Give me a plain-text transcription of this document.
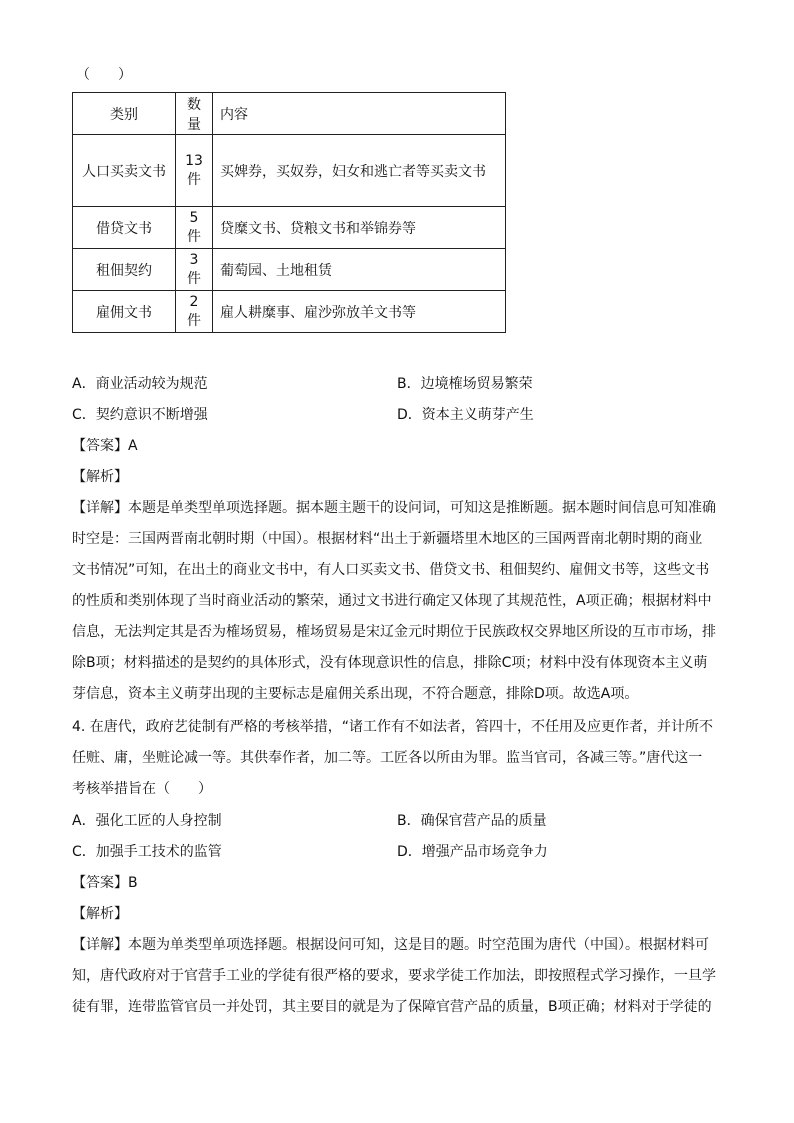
（　　）
类别	数量	内容
人口买卖文书	13 件	买婢券，买奴券，妇女和逃亡者等买卖文书
借贷文书	5 件	贷糜文书、贷粮文书和举锦券等
租佃契约	3 件	葡萄园、土地租赁
雇佣文书	2 件	雇人耕糜事、雇沙弥放羊文书等
A．商业活动较为规范	B．边境榷场贸易繁荣
C．契约意识不断增强	D．资本主义萌芽产生
【答案】A
【解析】
【详解】本题是单类型单项选择题。据本题主题干的设问词，可知这是推断题。据本题时间信息可知准确
时空是：三国两晋南北朝时期（中国）。根据材料“出土于新疆塔里木地区的三国两晋南北朝时期的商业
文书情况”可知，在出土的商业文书中，有人口买卖文书、借贷文书、租佃契约、雇佣文书等，这些文书
的性质和类别体现了当时商业活动的繁荣，通过文书进行确定又体现了其规范性，A项正确；根据材料中
信息，无法判定其是否为榷场贸易，榷场贸易是宋辽金元时期位于民族政权交界地区所设的互市市场，排
除B项；材料描述的是契约的具体形式，没有体现意识性的信息，排除C项；材料中没有体现资本主义萌
芽信息，资本主义萌芽出现的主要标志是雇佣关系出现，不符合题意，排除D项。故选A项。
4. 在唐代，政府艺徒制有严格的考核举措，“诸工作有不如法者，笞四十，不任用及应更作者，并计所不
任赃、庸，坐赃论减一等。其供奉作者，加二等。工匠各以所由为罪。监当官司，各减三等。”唐代这一
考核举措旨在（　　）
A．强化工匠的人身控制	B．确保官营产品的质量
C．加强手工技术的监管	D．增强产品市场竞争力
【答案】B
【解析】
【详解】本题为单类型单项选择题。根据设问可知，这是目的题。时空范围为唐代（中国）。根据材料可
知，唐代政府对于官营手工业的学徒有很严格的要求，要求学徒工作加法，即按照程式学习操作，一旦学
徒有罪，连带监管官员一并处罚，其主要目的就是为了保障官营产品的质量，B项正确；材料对于学徒的
